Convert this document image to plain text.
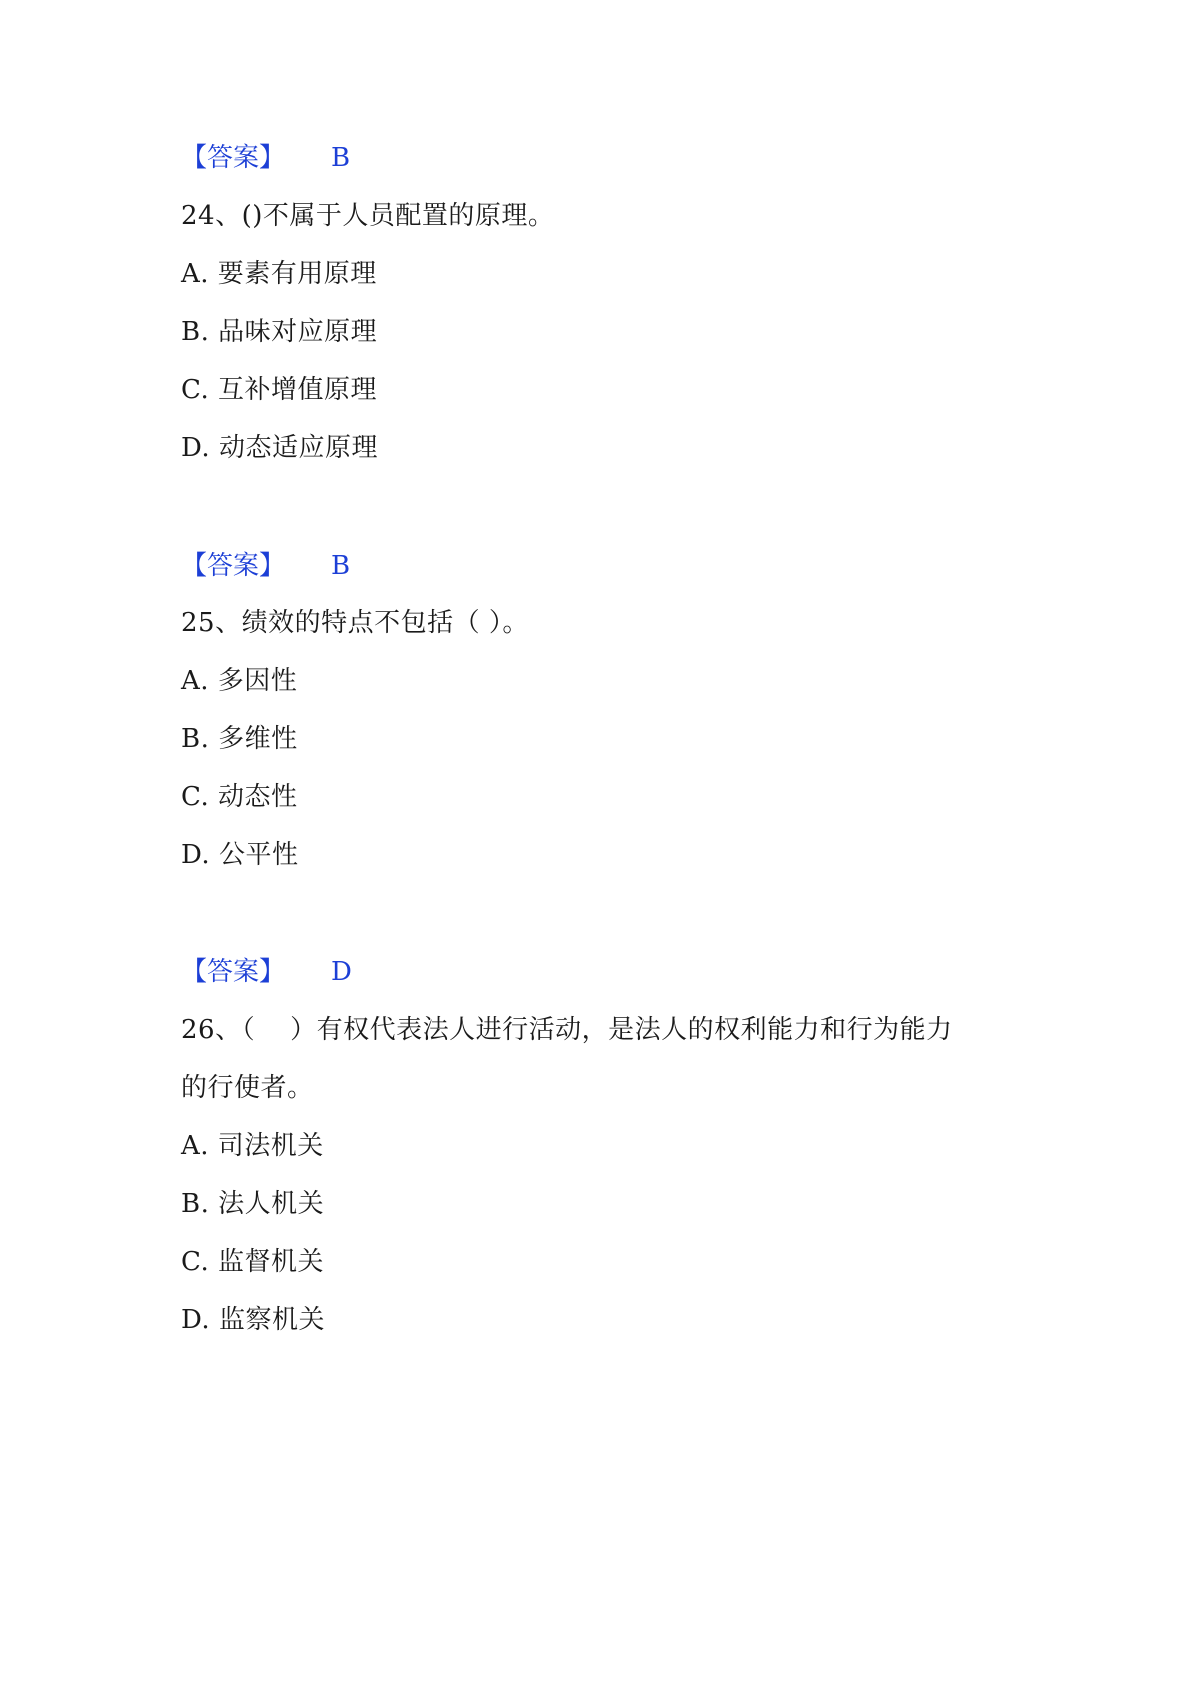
【答案】 B
24、()不属于人员配置的原理。
A. 要素有用原理
B. 品味对应原理
C. 互补增值原理
D. 动态适应原理
【答案】 B
25、绩效的特点不包括（ ）。
A. 多因性
B. 多维性
C. 动态性
D. 公平性
【答案】 D
26、（    ）有权代表法人进行活动，是法人的权利能力和行为能力
的行使者。
A. 司法机关
B. 法人机关
C. 监督机关
D. 监察机关
